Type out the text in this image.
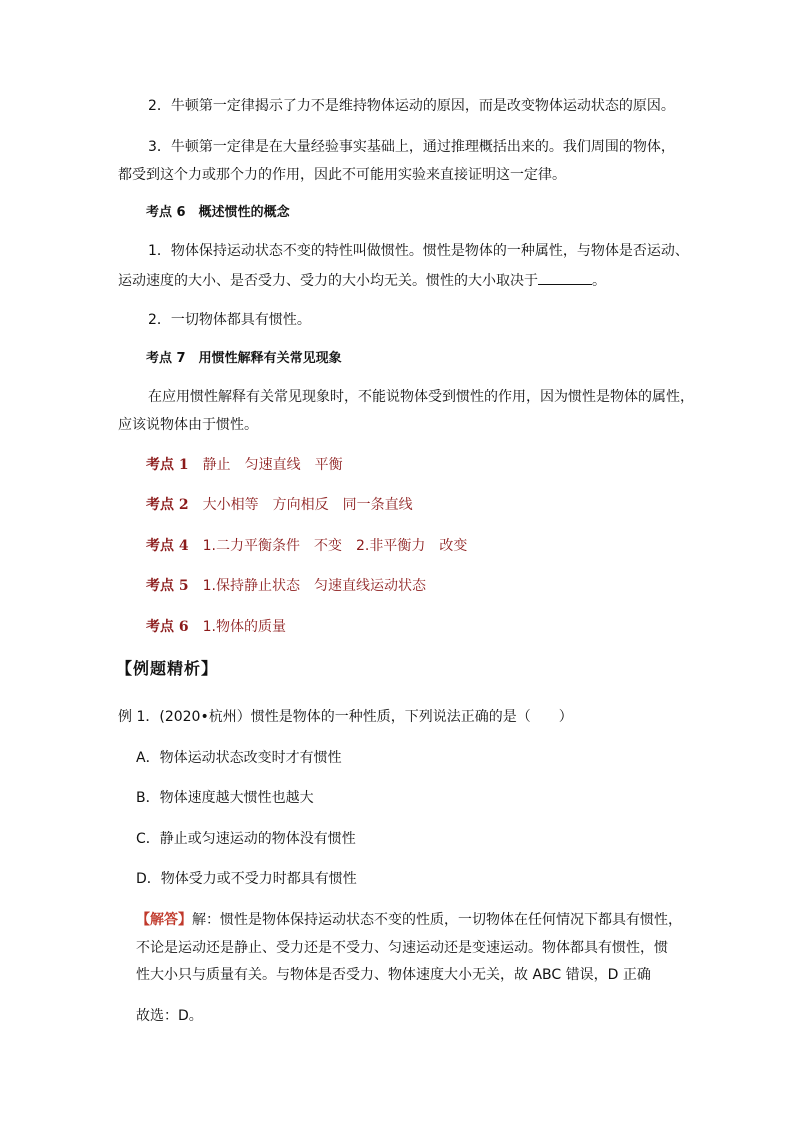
2．牛顿第一定律揭示了力不是维持物体运动的原因，而是改变物体运动状态的原因。
3．牛顿第一定律是在大量经验事实基础上，通过推理概括出来的。我们周围的物体，
都受到这个力或那个力的作用，因此不可能用实验来直接证明这一定律。
考点 6　概述惯性的概念
1．物体保持运动状态不变的特性叫做惯性。惯性是物体的一种属性，与物体是否运动、
运动速度的大小、是否受力、受力的大小均无关。惯性的大小取决于	。
2．一切物体都具有惯性。
考点 7　用惯性解释有关常见现象
在应用惯性解释有关常见现象时，不能说物体受到惯性的作用，因为惯性是物体的属性，
应该说物体由于惯性。
考点 1 静止　匀速直线　平衡
考点 2 大小相等　方向相反　同一条直线
考点 4 1.二力平衡条件　不变　2.非平衡力　改变
考点 5 1.保持静止状态　匀速直线运动状态
考点 6 1.物体的质量
【例题精析】
例 1．(2020•杭州）惯性是物体的一种性质，下列说法正确的是（　　）
A．物体运动状态改变时才有惯性
B．物体速度越大惯性也越大
C．静止或匀速运动的物体没有惯性
D．物体受力或不受力时都具有惯性
【解答】解：惯性是物体保持运动状态不变的性质，一切物体在任何情况下都具有惯性，
不论是运动还是静止、受力还是不受力、匀速运动还是变速运动。物体都具有惯性，惯
性大小只与质量有关。与物体是否受力、物体速度大小无关，故 ABC 错误，D 正确
故选：D。
